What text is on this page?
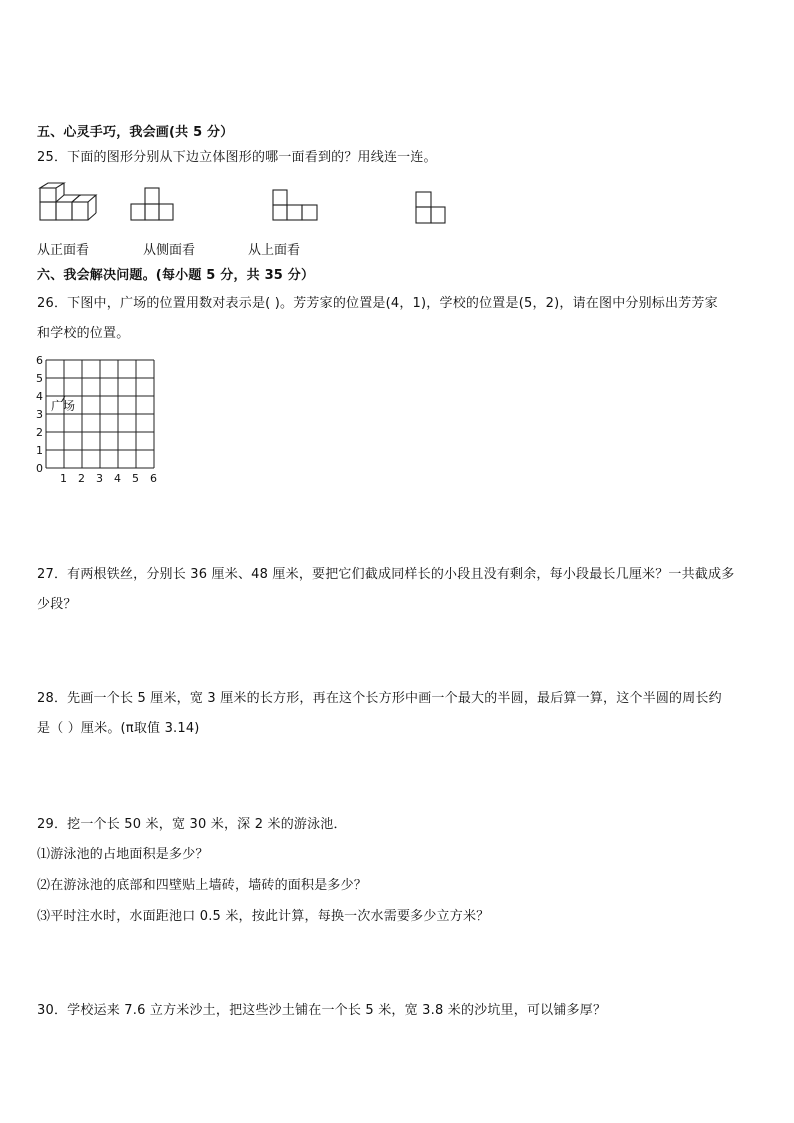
五、心灵手巧，我会画(共 5 分）
25．下面的图形分别从下边立体图形的哪一面看到的？用线连一连。
从正面看	从侧面看	从上面看
六、我会解决问题。(每小题 5 分，共 35 分）
26．下图中，广场的位置用数对表示是( )。芳芳家的位置是(4，1)，学校的位置是(5，2)，请在图中分别标出芳芳家
和学校的位置。
6
5
4
3
2
1
0
1 2 3 4 5 6
广场
27．有两根铁丝，分别长 36 厘米、48 厘米，要把它们截成同样长的小段且没有剩余，每小段最长几厘米？一共截成多
少段？
28．先画一个长 5 厘米，宽 3 厘米的长方形，再在这个长方形中画一个最大的半圆，最后算一算，这个半圆的周长约
是（ ）厘米。(π取值 3.14)
29．挖一个长 50 米，宽 30 米，深 2 米的游泳池．
⑴游泳池的占地面积是多少？
⑵在游泳池的底部和四壁贴上墙砖，墙砖的面积是多少？
⑶平时注水时，水面距池口 0.5 米，按此计算，每换一次水需要多少立方米？
30．学校运来 7.6 立方米沙土，把这些沙土铺在一个长 5 米，宽 3.8 米的沙坑里，可以铺多厚？
